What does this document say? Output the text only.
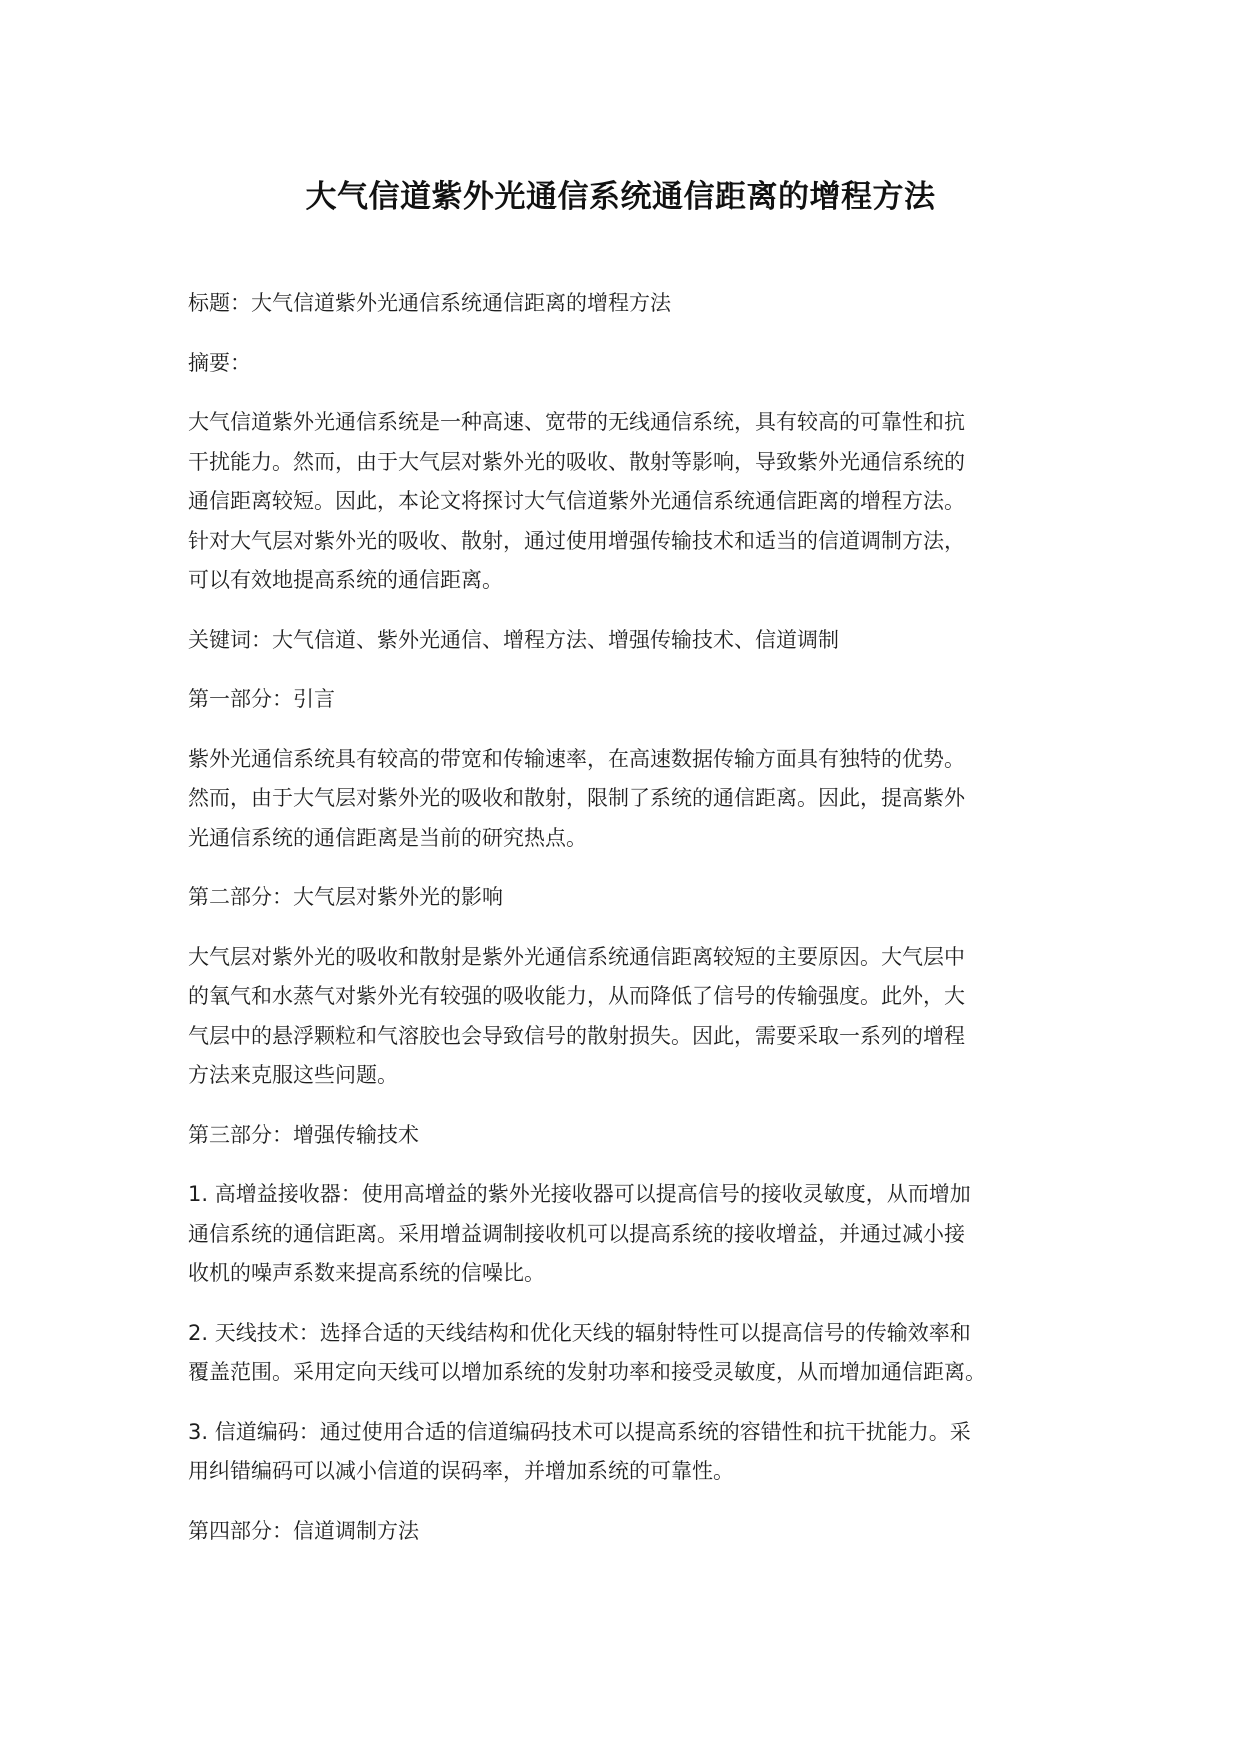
大气信道紫外光通信系统通信距离的增程方法

标题：大气信道紫外光通信系统通信距离的增程方法

摘要：

大气信道紫外光通信系统是一种高速、宽带的无线通信系统，具有较高的可靠性和抗
干扰能力。然而，由于大气层对紫外光的吸收、散射等影响，导致紫外光通信系统的
通信距离较短。因此，本论文将探讨大气信道紫外光通信系统通信距离的增程方法。
针对大气层对紫外光的吸收、散射，通过使用增强传输技术和适当的信道调制方法，
可以有效地提高系统的通信距离。

关键词：大气信道、紫外光通信、增程方法、增强传输技术、信道调制

第一部分：引言

紫外光通信系统具有较高的带宽和传输速率，在高速数据传输方面具有独特的优势。
然而，由于大气层对紫外光的吸收和散射，限制了系统的通信距离。因此，提高紫外
光通信系统的通信距离是当前的研究热点。

第二部分：大气层对紫外光的影响

大气层对紫外光的吸收和散射是紫外光通信系统通信距离较短的主要原因。大气层中
的氧气和水蒸气对紫外光有较强的吸收能力，从而降低了信号的传输强度。此外，大
气层中的悬浮颗粒和气溶胶也会导致信号的散射损失。因此，需要采取一系列的增程
方法来克服这些问题。

第三部分：增强传输技术

1. 高增益接收器：使用高增益的紫外光接收器可以提高信号的接收灵敏度，从而增加
通信系统的通信距离。采用增益调制接收机可以提高系统的接收增益，并通过减小接
收机的噪声系数来提高系统的信噪比。

2. 天线技术：选择合适的天线结构和优化天线的辐射特性可以提高信号的传输效率和
覆盖范围。采用定向天线可以增加系统的发射功率和接受灵敏度，从而增加通信距离。

3. 信道编码：通过使用合适的信道编码技术可以提高系统的容错性和抗干扰能力。采
用纠错编码可以减小信道的误码率，并增加系统的可靠性。

第四部分：信道调制方法
